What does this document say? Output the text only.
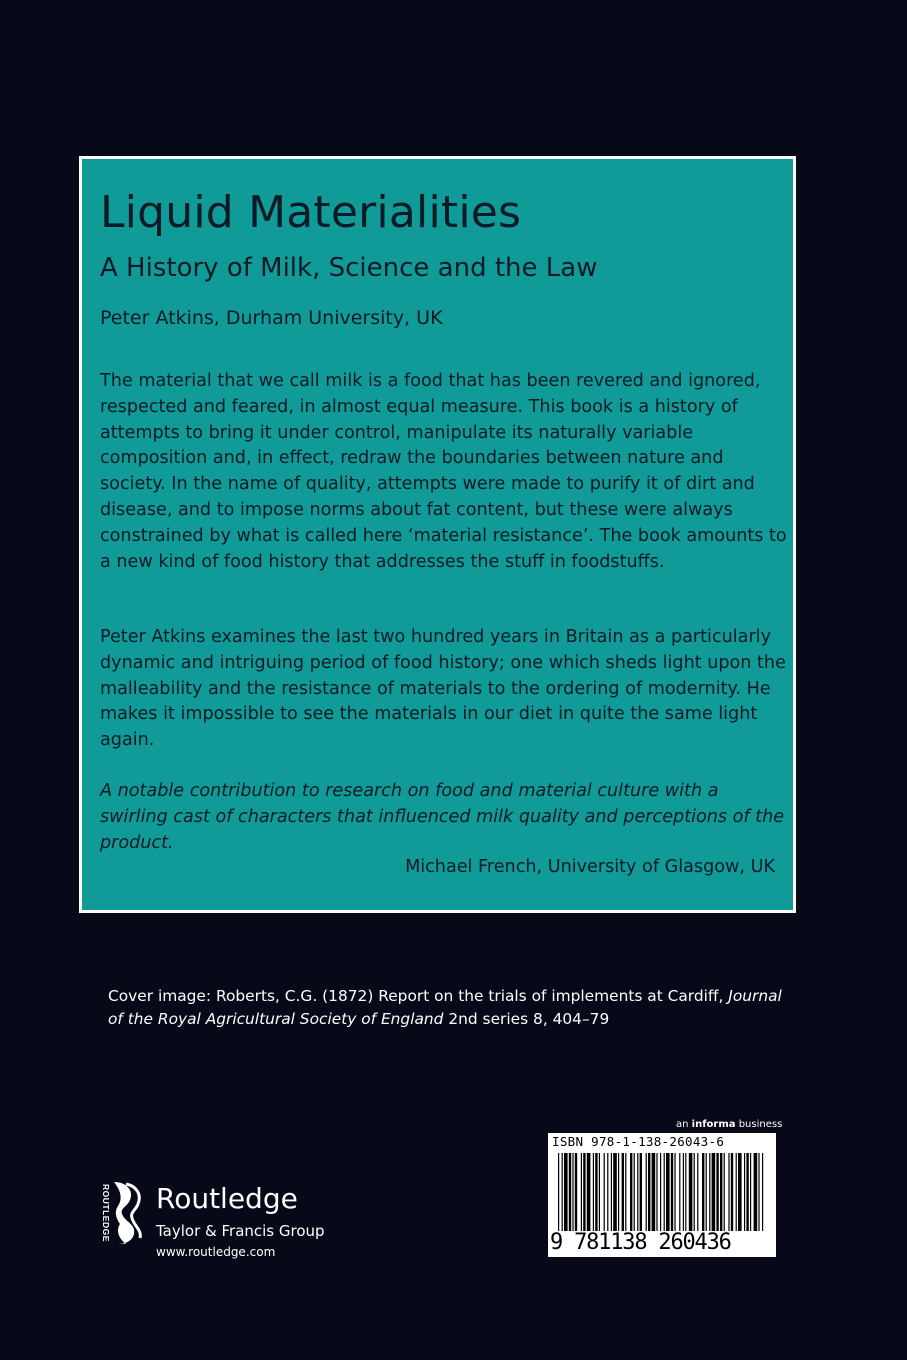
Liquid Materialities
A History of Milk, Science and the Law

Peter Atkins, Durham University, UK

The material that we call milk is a food that has been revered and ignored, respected and feared, in almost equal measure. This book is a history of attempts to bring it under control, manipulate its naturally variable composition and, in effect, redraw the boundaries between nature and society. In the name of quality, attempts were made to purify it of dirt and disease, and to impose norms about fat content, but these were always constrained by what is called here ‘material resistance’. The book amounts to a new kind of food history that addresses the stuff in foodstuffs.

Peter Atkins examines the last two hundred years in Britain as a particularly dynamic and intriguing period of food history; one which sheds light upon the malleability and the resistance of materials to the ordering of modernity. He makes it impossible to see the materials in our diet in quite the same light again.

A notable contribution to research on food and material culture with a swirling cast of characters that influenced milk quality and perceptions of the product.

Michael French, University of Glasgow, UK

Cover image: Roberts, C.G. (1872) Report on the trials of implements at Cardiff, Journal of the Royal Agricultural Society of England 2nd series 8, 404–79
an informa business
ISBN 978-1-138-26043-6
9 781138 260436
ROUTLEDGE Routledge
Taylor & Francis Group
www.routledge.com
